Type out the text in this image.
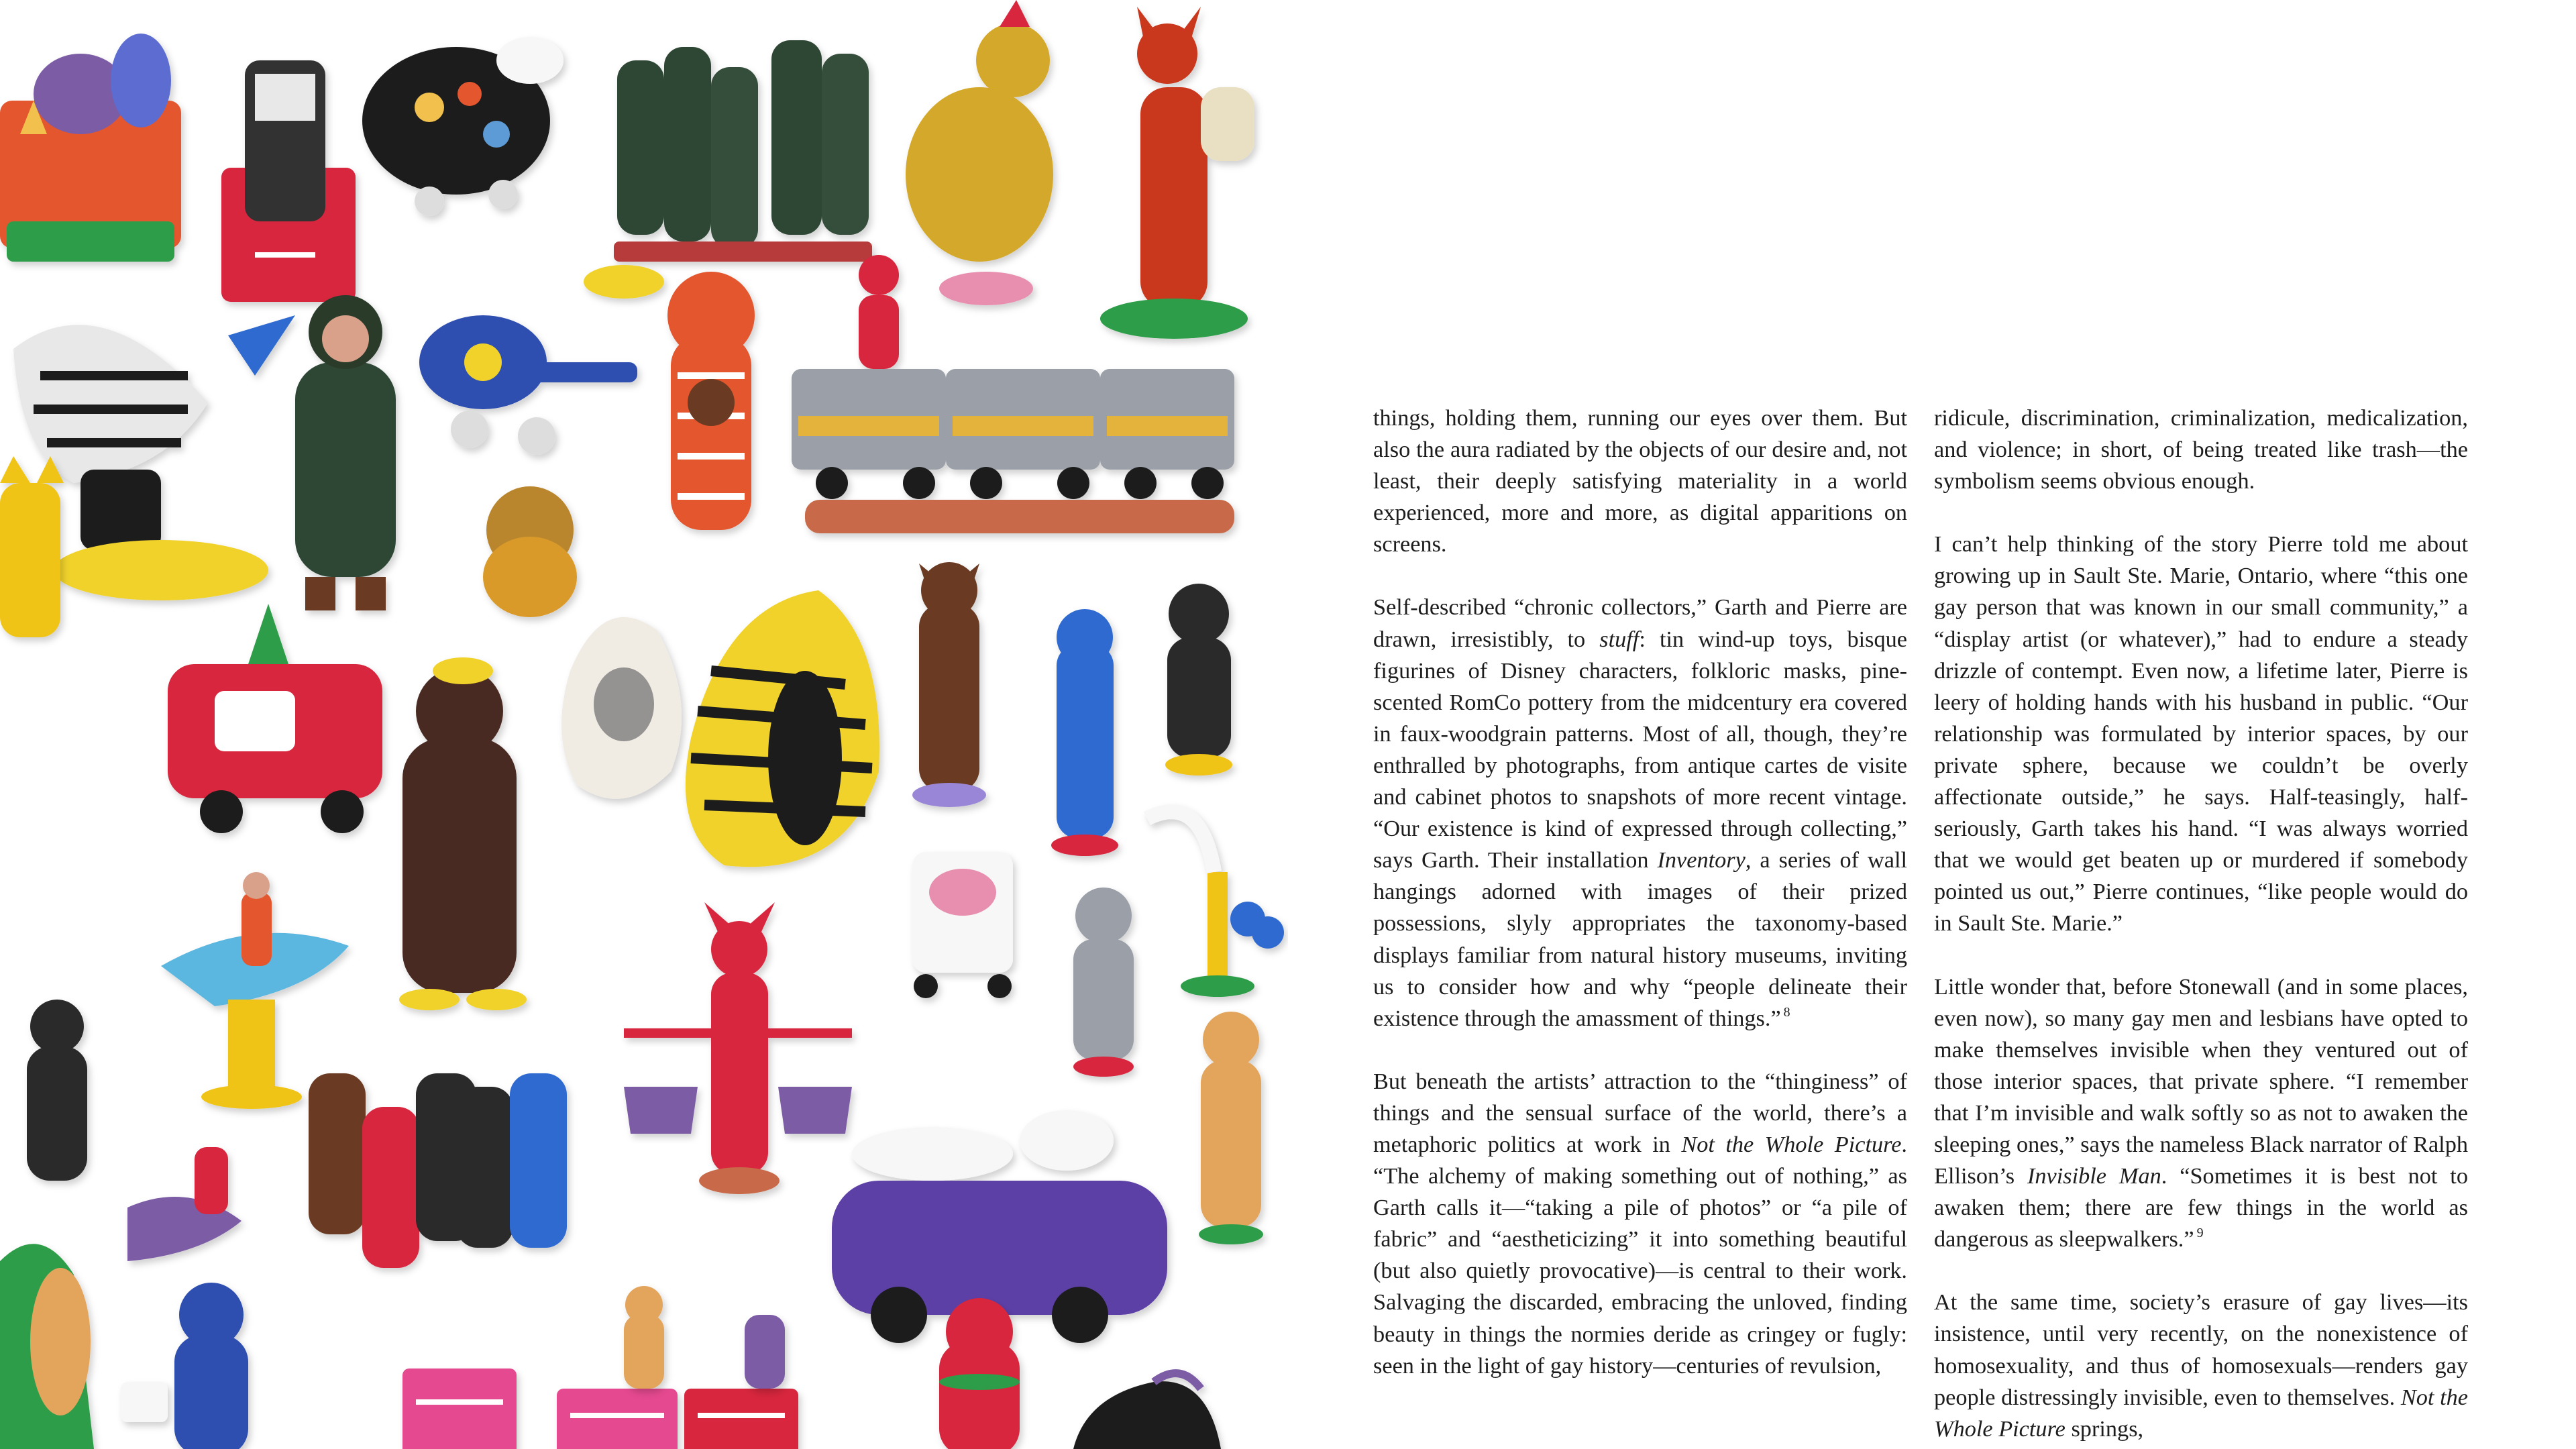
things, holding them, running our eyes over them. But also the aura radiated by the objects of our desire and, not least, their deeply satisfying materiality in a world experienced, more and more, as digital apparitions on screens.

Self-described “chronic collectors,” Garth and Pierre are drawn, irresistibly, to stuff: tin wind-up toys, bisque figurines of Disney characters, folkloric masks, pine-scented RomCo pottery from the midcentury era covered in faux-woodgrain patterns. Most of all, though, they’re enthralled by photographs, from antique cartes de visite and cabinet photos to snapshots of more recent vintage. “Our existence is kind of expressed through collecting,” says Garth. Their installation Inventory, a series of wall hangings adorned with images of their prized possessions, slyly appropriates the taxonomy-based displays familiar from natural history museums, inviting us to consider how and why “people delineate their existence through the amassment of things.” $^8$

But beneath the artists’ attraction to the “thinginess” of things and the sensual surface of the world, there’s a metaphoric politics at work in Not the Whole Picture. “The alchemy of making something out of nothing,” as Garth calls it—“taking a pile of photos” or “a pile of fabric” and “aestheticizing” it into something beautiful (but also quietly provocative)—is central to their work. Salvaging the discarded, embracing the unloved, finding beauty in things the normies deride as cringey or fugly: seen in the light of gay history—centuries of revulsion,

ridicule, discrimination, criminalization, medicalization, and violence; in short, of being treated like trash—the symbolism seems obvious enough.

I can’t help thinking of the story Pierre told me about growing up in Sault Ste. Marie, Ontario, where “this one gay person that was known in our small community,” a “display artist (or whatever),” had to endure a steady drizzle of contempt. Even now, a lifetime later, Pierre is leery of holding hands with his husband in public. “Our relationship was formulated by interior spaces, by our private sphere, because we couldn’t be overly affectionate outside,” he says. Half-teasingly, half-seriously, Garth takes his hand. “I was always worried that we would get beaten up or murdered if somebody pointed us out,” Pierre continues, “like people would do in Sault Ste. Marie.”

Little wonder that, before Stonewall (and in some places, even now), so many gay men and lesbians have opted to make themselves invisible when they ventured out of those interior spaces, that private sphere. “I remember that I’m invisible and walk softly so as not to awaken the sleeping ones,” says the nameless Black narrator of Ralph Ellison’s Invisible Man. “Sometimes it is best not to awaken them; there are few things in the world as dangerous as sleepwalkers.” $^9$

At the same time, society’s erasure of gay lives—its insistence, until very recently, on the nonexistence of homosexuality, and thus of homosexuals—renders gay people distressingly invisible, even to themselves. Not the Whole Picture springs,
